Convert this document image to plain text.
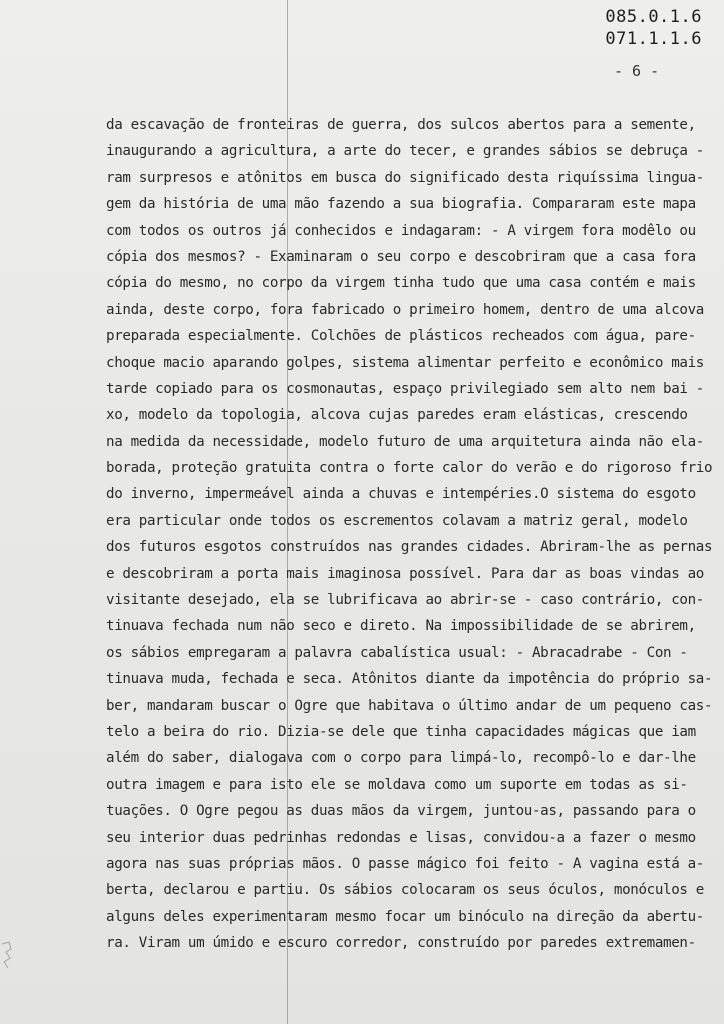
085.0.1.6
071.1.1.6
- 6 -
da escavação de fronteiras de guerra, dos sulcos abertos para a semente,
inaugurando a agricultura, a arte do tecer, e grandes sábios se debruça -
ram surpresos e atônitos em busca do significado desta riquíssima lingua-
gem da história de uma mão fazendo a sua biografia. Compararam este mapa
com todos os outros já conhecidos e indagaram: - A virgem fora modêlo ou
cópia dos mesmos? - Examinaram o seu corpo e descobriram que a casa fora
cópia do mesmo, no corpo da virgem tinha tudo que uma casa contém e mais
ainda, deste corpo, fora fabricado o primeiro homem, dentro de uma alcova
preparada especialmente. Colchões de plásticos recheados com água, pare-
choque macio aparando golpes, sistema alimentar perfeito e econômico mais
tarde copiado para os cosmonautas, espaço privilegiado sem alto nem bai -
xo, modelo da topologia, alcova cujas paredes eram elásticas, crescendo
na medida da necessidade, modelo futuro de uma arquitetura ainda não ela-
borada, proteção gratuita contra o forte calor do verão e do rigoroso frio
do inverno, impermeável ainda a chuvas e intempéries.O sistema do esgoto
era particular onde todos os escrementos colavam a matriz geral, modelo
dos futuros esgotos construídos nas grandes cidades. Abriram-lhe as pernas
e descobriram a porta mais imaginosa possível. Para dar as boas vindas ao
visitante desejado, ela se lubrificava ao abrir-se - caso contrário, con-
tinuava fechada num não seco e direto. Na impossibilidade de se abrirem,
os sábios empregaram a palavra cabalística usual: - Abracadrabe - Con -
tinuava muda, fechada e seca. Atônitos diante da impotência do próprio sa-
ber, mandaram buscar o Ogre que habitava o último andar de um pequeno cas-
telo a beira do rio. Dizia-se dele que tinha capacidades mágicas que iam
além do saber, dialogava com o corpo para limpá-lo, recompô-lo e dar-lhe
outra imagem e para isto ele se moldava como um suporte em todas as si-
tuações. O Ogre pegou as duas mãos da virgem, juntou-as, passando para o
seu interior duas pedrinhas redondas e lisas, convidou-a a fazer o mesmo
agora nas suas próprias mãos. O passe mágico foi feito - A vagina está a-
berta, declarou e partiu. Os sábios colocaram os seus óculos, monóculos e
alguns deles experimentaram mesmo focar um binóculo na direção da abertu-
ra. Viram um úmido e escuro corredor, construído por paredes extremamen-
